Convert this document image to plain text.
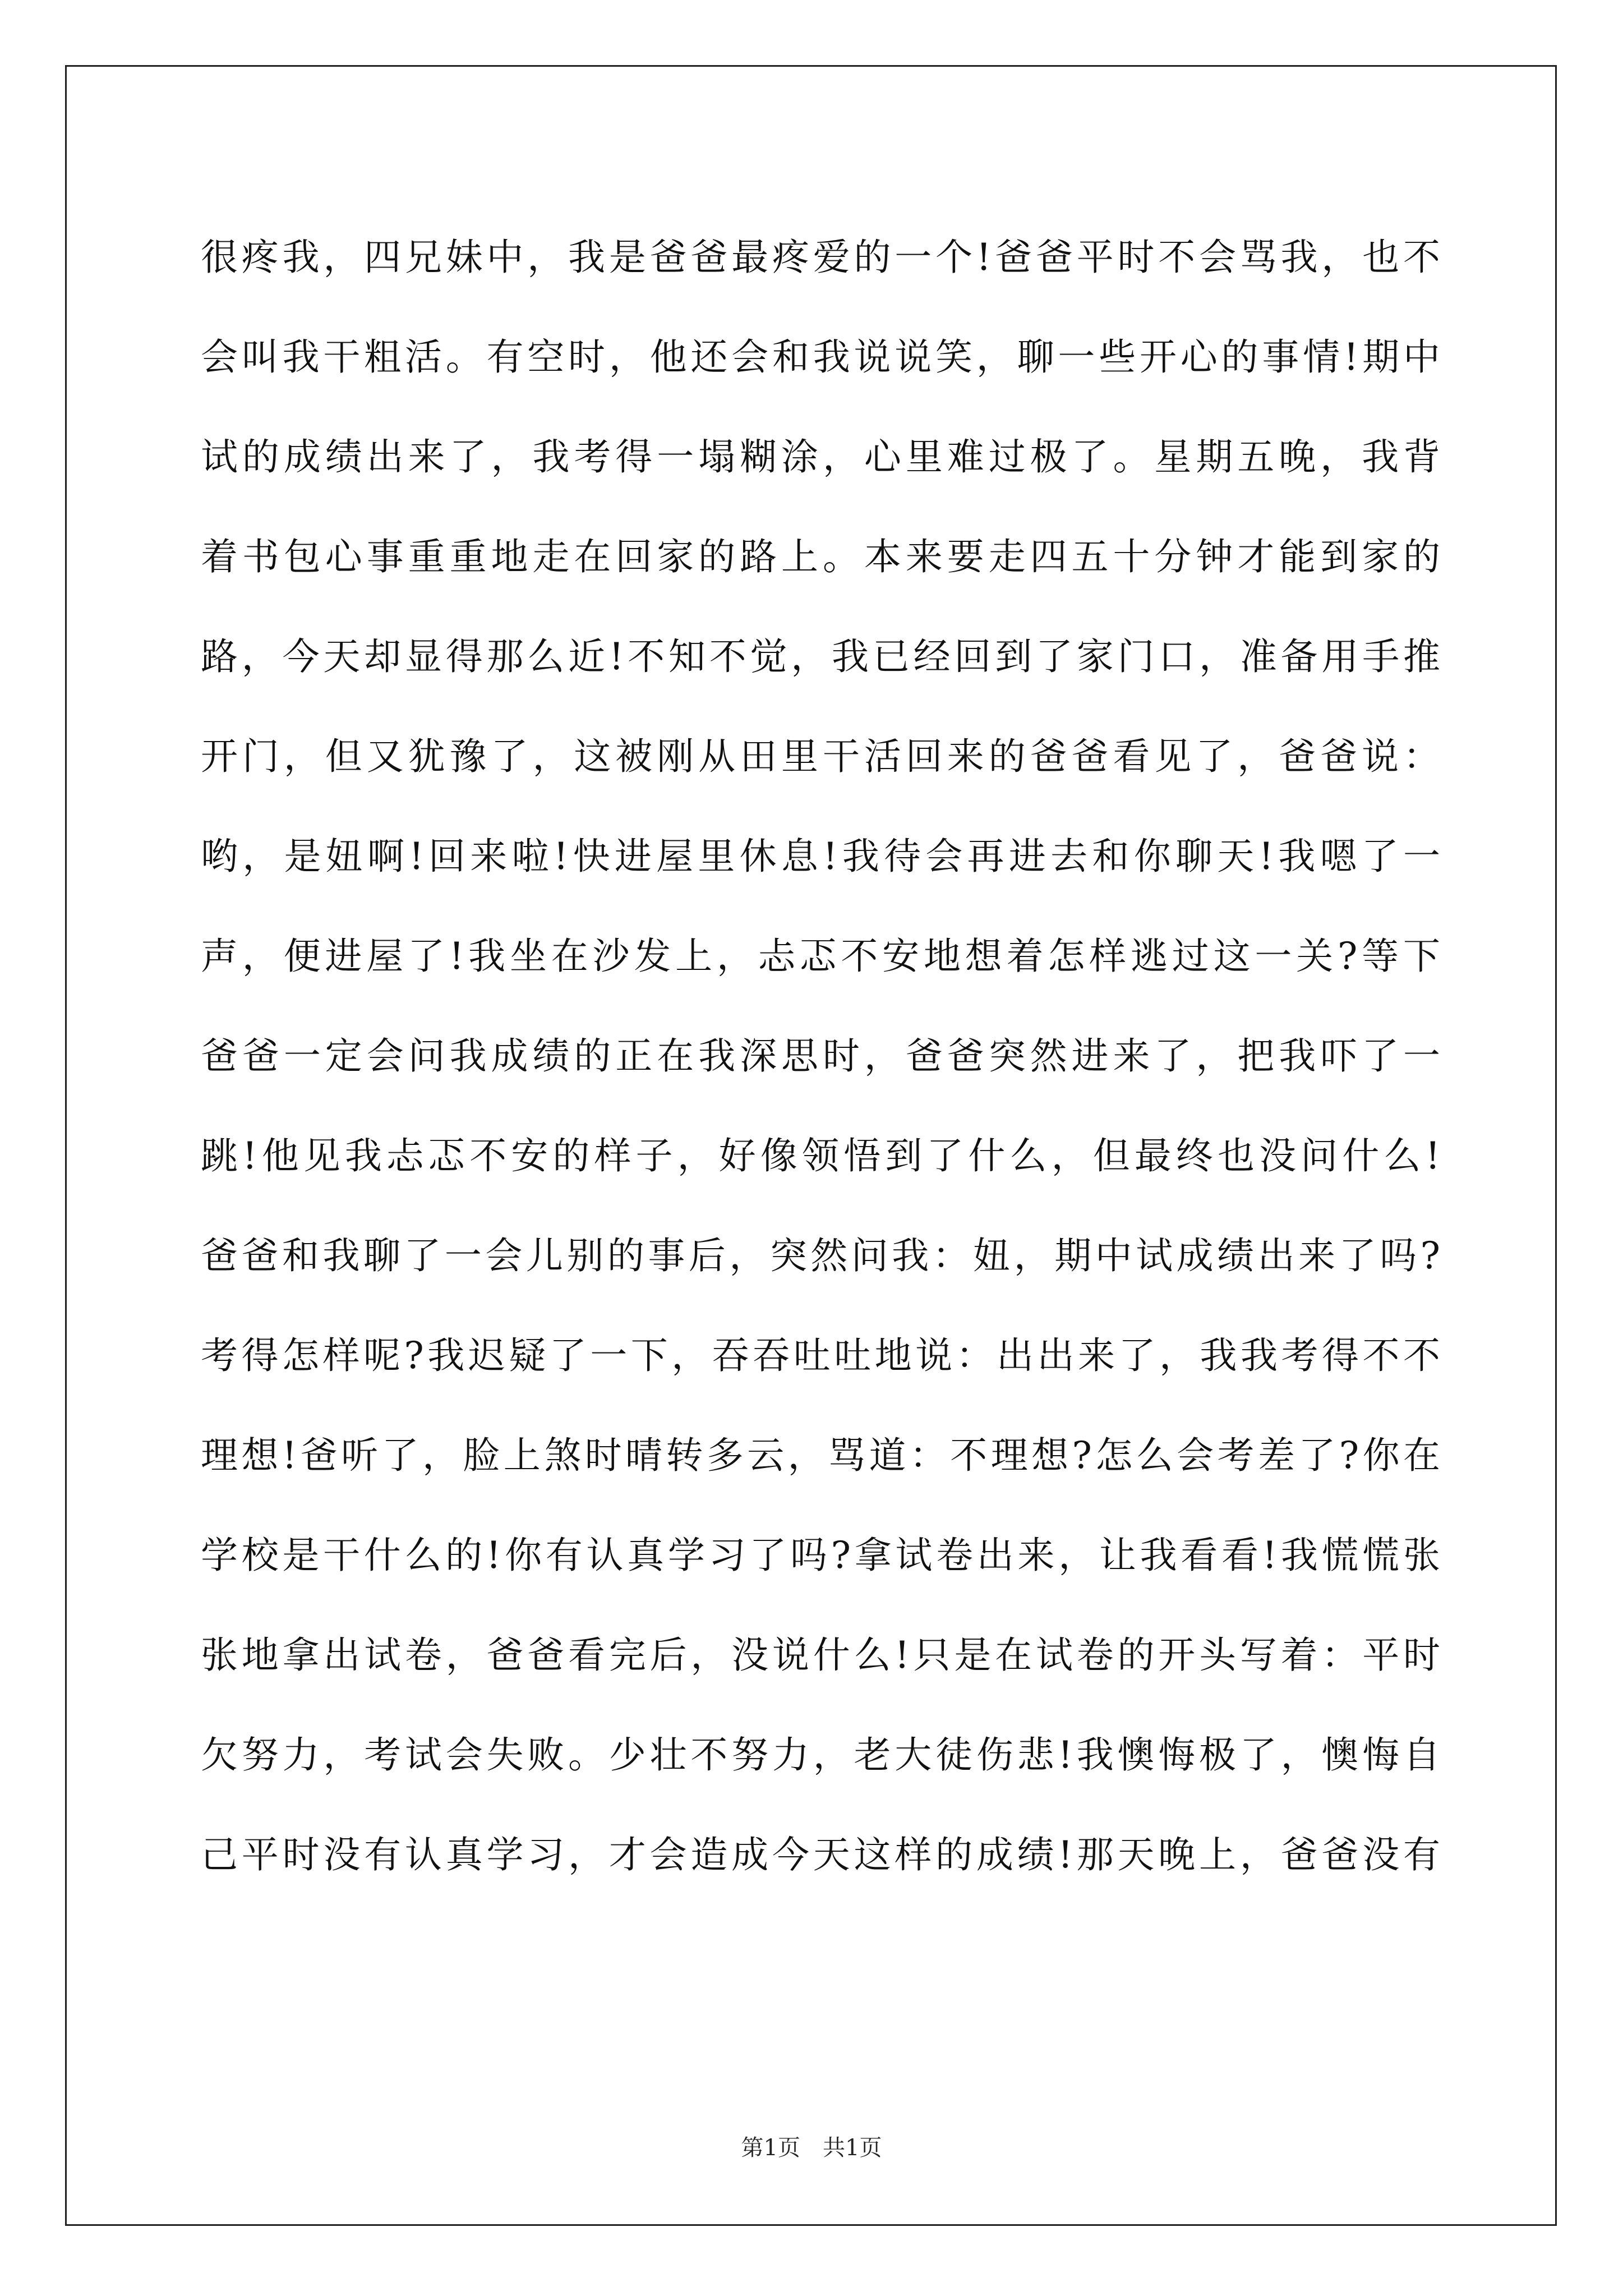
很疼我，四兄妹中，我是爸爸最疼爱的一个!爸爸平时不会骂我，也不
会叫我干粗活。有空时，他还会和我说说笑，聊一些开心的事情!期中
试的成绩出来了，我考得一塌糊涂，心里难过极了。星期五晚，我背
着书包心事重重地走在回家的路上。本来要走四五十分钟才能到家的
路，今天却显得那么近!不知不觉，我已经回到了家门口，准备用手推
开门，但又犹豫了，这被刚从田里干活回来的爸爸看见了，爸爸说：
哟，是妞啊!回来啦!快进屋里休息!我待会再进去和你聊天!我嗯了一
声，便进屋了!我坐在沙发上，忐忑不安地想着怎样逃过这一关?等下
爸爸一定会问我成绩的正在我深思时，爸爸突然进来了，把我吓了一
跳!他见我忐忑不安的样子，好像领悟到了什么，但最终也没问什么!
爸爸和我聊了一会儿别的事后，突然问我：妞，期中试成绩出来了吗?
考得怎样呢?我迟疑了一下，吞吞吐吐地说：出出来了，我我考得不不
理想!爸听了，脸上煞时晴转多云，骂道：不理想?怎么会考差了?你在
学校是干什么的!你有认真学习了吗?拿试卷出来，让我看看!我慌慌张
张地拿出试卷，爸爸看完后，没说什么!只是在试卷的开头写着：平时
欠努力，考试会失败。少壮不努力，老大徒伤悲!我懊悔极了，懊悔自
己平时没有认真学习，才会造成今天这样的成绩!那天晚上，爸爸没有
第1页　共1页
